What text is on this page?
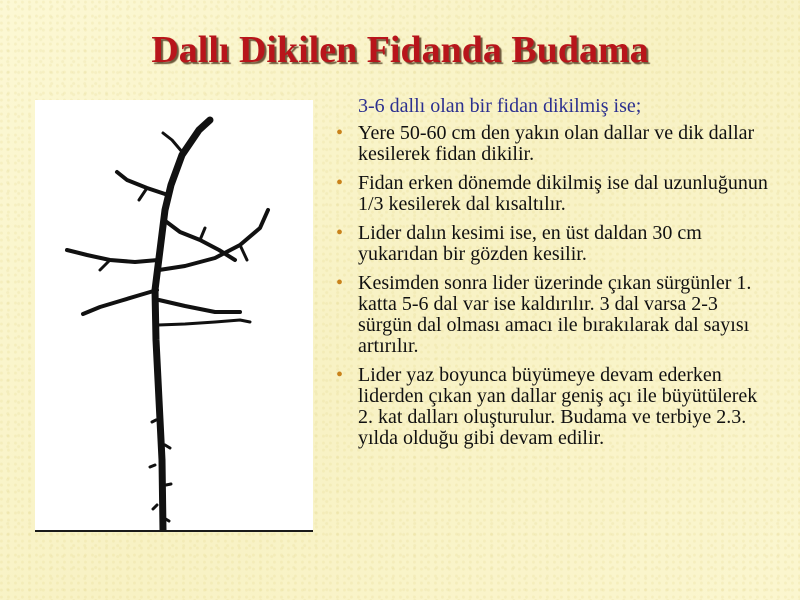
Dallı Dikilen Fidanda Budama

3-6 dallı olan bir fidan dikilmiş ise;

• Yere 50-60 cm den yakın olan dallar ve dik dallar kesilerek fidan dikilir.
• Fidan erken dönemde dikilmiş ise dal uzunluğunun 1/3 kesilerek dal kısaltılır.
• Lider dalın kesimi ise, en üst daldan 30 cm yukarıdan bir gözden kesilir.
• Kesimden sonra lider üzerinde çıkan sürgünler 1. katta 5-6 dal var ise kaldırılır. 3 dal varsa 2-3 sürgün dal olması amacı ile bırakılarak dal sayısı artırılır.
• Lider yaz boyunca büyümeye devam ederken liderden çıkan yan dallar geniş açı ile büyütülerek 2. kat dalları oluşturulur. Budama ve terbiye 2.3. yılda olduğu gibi devam edilir.
